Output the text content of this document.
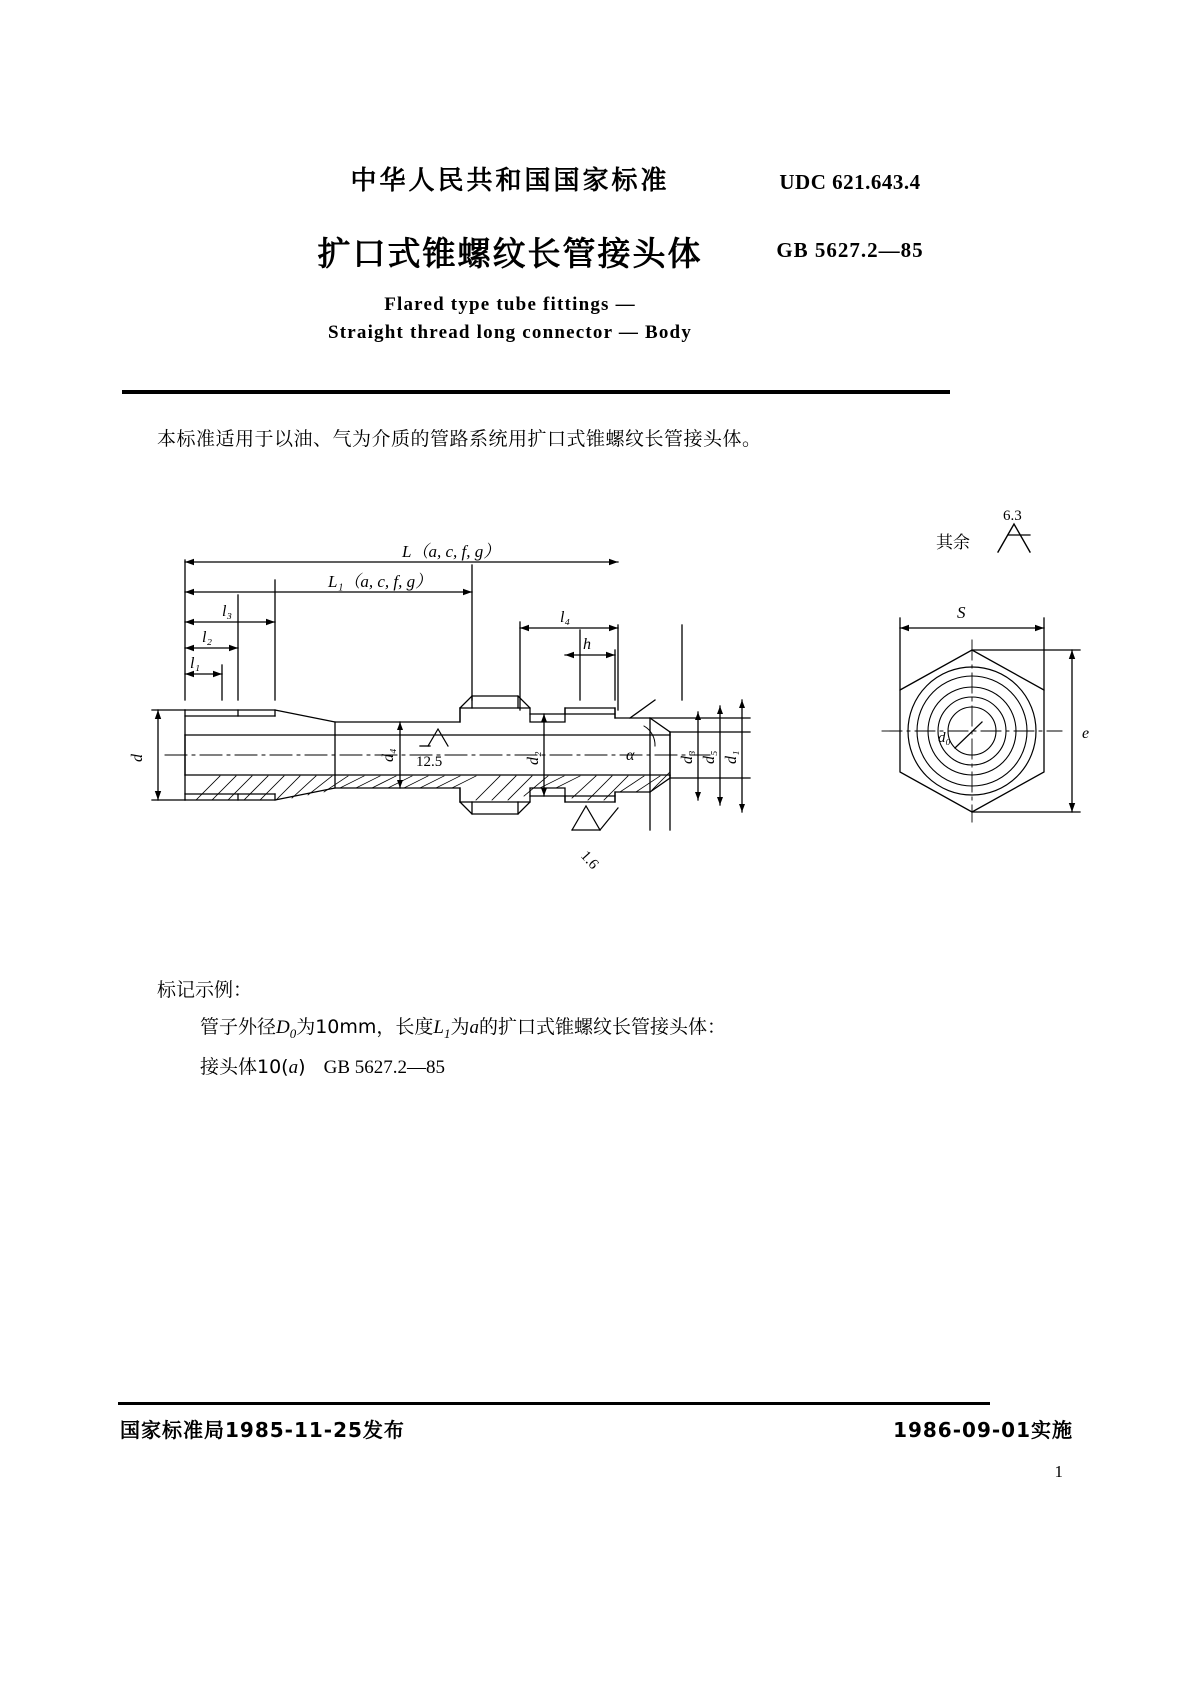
中华人民共和国国家标准
扩口式锥螺纹长管接头体
Flared type tube fittings —
Straight thread long connector — Body
UDC 621.643.4
GB 5627.2—85
本标准适用于以油、气为介质的管路系统用扩口式锥螺纹长管接头体。
L（a, c, f, g）
L₁（a, c, f, g）
l₃
l₂
l₁
l₄
h
d	d₄	d₂	d₃ d₅ d₁
α
12.5
1.6
S
e
d₀
6.3
其余
标记示例：
管子外径$D_0$为10mm，长度$L_1$为a的扩口式锥螺纹长管接头体：
接头体10(a) GB 5627.2—85
国家标准局1985-11-25发布	1986-09-01实施
1
